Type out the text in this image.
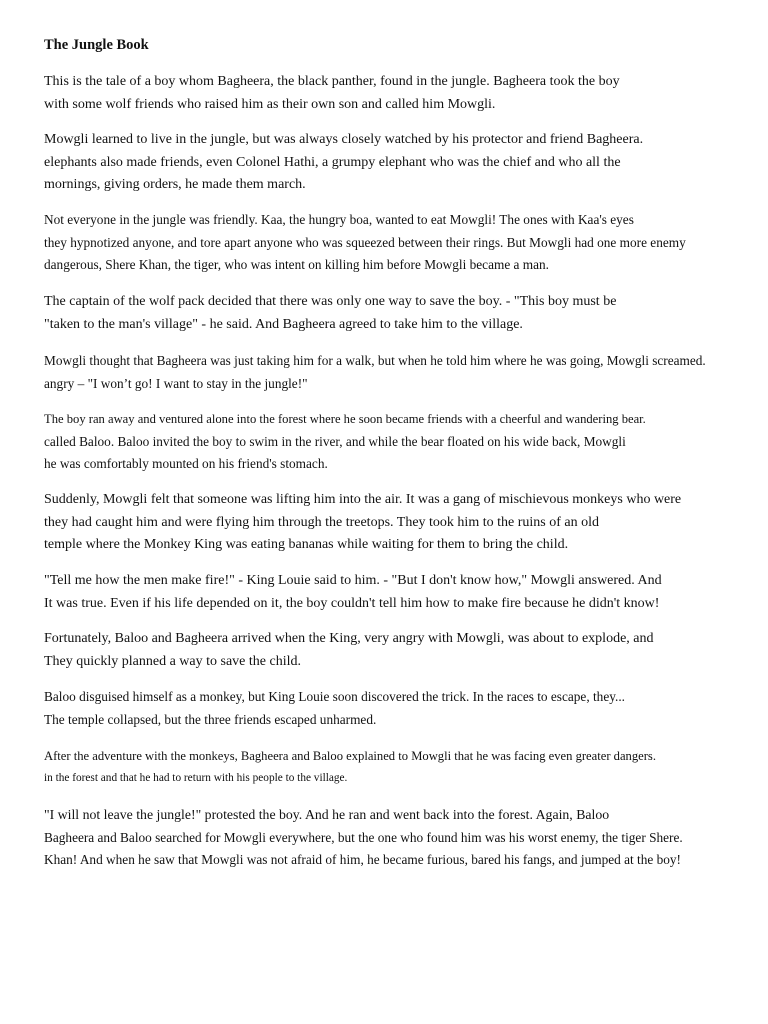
The Jungle Book

This is the tale of a boy whom Bagheera, the black panther, found in the jungle. Bagheera took the boy
with some wolf friends who raised him as their own son and called him Mowgli.

Mowgli learned to live in the jungle, but was always closely watched by his protector and friend Bagheera.
elephants also made friends, even Colonel Hathi, a grumpy elephant who was the chief and who all the
mornings, giving orders, he made them march.

Not everyone in the jungle was friendly. Kaa, the hungry boa, wanted to eat Mowgli! The ones with Kaa's eyes
they hypnotized anyone, and tore apart anyone who was squeezed between their rings. But Mowgli had one more enemy
dangerous, Shere Khan, the tiger, who was intent on killing him before Mowgli became a man.

The captain of the wolf pack decided that there was only one way to save the boy. - "This boy must be
"taken to the man's village" - he said. And Bagheera agreed to take him to the village.

Mowgli thought that Bagheera was just taking him for a walk, but when he told him where he was going, Mowgli screamed.
angry – "I won’t go! I want to stay in the jungle!"

The boy ran away and ventured alone into the forest where he soon became friends with a cheerful and wandering bear.
called Baloo. Baloo invited the boy to swim in the river, and while the bear floated on his wide back, Mowgli
he was comfortably mounted on his friend's stomach.

Suddenly, Mowgli felt that someone was lifting him into the air. It was a gang of mischievous monkeys who were
they had caught him and were flying him through the treetops. They took him to the ruins of an old
temple where the Monkey King was eating bananas while waiting for them to bring the child.

"Tell me how the men make fire!" - King Louie said to him. - "But I don't know how," Mowgli answered. And
It was true. Even if his life depended on it, the boy couldn't tell him how to make fire because he didn't know!

Fortunately, Baloo and Bagheera arrived when the King, very angry with Mowgli, was about to explode, and
They quickly planned a way to save the child.

Baloo disguised himself as a monkey, but King Louie soon discovered the trick. In the races to escape, they...
The temple collapsed, but the three friends escaped unharmed.

After the adventure with the monkeys, Bagheera and Baloo explained to Mowgli that he was facing even greater dangers.
in the forest and that he had to return with his people to the village.

"I will not leave the jungle!" protested the boy. And he ran and went back into the forest. Again, Baloo
Bagheera and Baloo searched for Mowgli everywhere, but the one who found him was his worst enemy, the tiger Shere.
Khan! And when he saw that Mowgli was not afraid of him, he became furious, bared his fangs, and jumped at the boy!
